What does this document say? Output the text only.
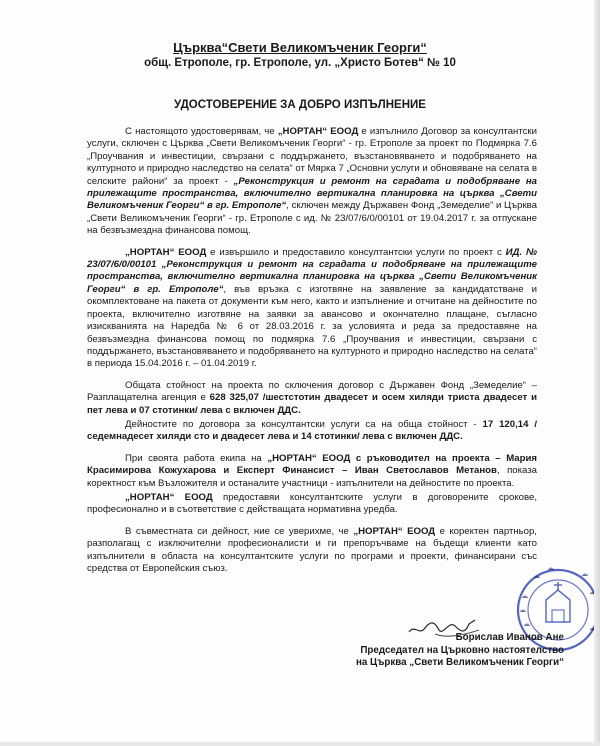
Църква“Свети Великомъченик Георги“
общ. Етрополе, гр. Етрополе, ул. „Христо Ботев“ № 10
УДОСТОВЕРЕНИЕ ЗА ДОБРО ИЗПЪЛНЕНИЕ

С настоящото удостоверявам, че „НОРТАН“ ЕООД е изпълнило Договор за консултантски услуги, сключен с Църква „Свети Великомъченик Георги“ - гр. Етрополе за проект по Подмярка 7.6 „Проучвания и инвестиции, свързани с поддържането, възстановяването и подобряването на културното и природно наследство на селата“ от Мярка 7 „Основни услуги и обновяване на селата в селските райони“ за проект - „Реконструкция и ремонт на сградата и подобряване на прилежащите пространства, включително вертикална планировка на църква „Свети Великомъченик Георги“ в гр. Етрополе“, сключен между Държавен Фонд „Земеделие“ и Църква „Свети Великомъченик Георги“ - гр. Етрополе с ид. № 23/07/6/0/00101 от 19.04.2017 г. за отпускане на безвъзмездна финансова помощ.

„НОРТАН“ ЕООД е извършило и предоставило консултантски услуги по проект с ИД. № 23/07/6/0/00101 „Реконструкция и ремонт на сградата и подобряване на прилежащите пространства, включително вертикална планировка на църква „Свети Великомъченик Георги“ в гр. Етрополе“, във връзка с изготвяне на заявление за кандидатстване и окомплектоване на пакета от документи към него, както и изпълнение и отчитане на дейностите по проекта, включително изготвяне на заявки за авансово и окончателно плащане, съгласно изискванията на Наредба № 6 от 28.03.2016 г. за условията и реда за предоставяне на безвъзмездна финансова помощ по подмярка 7.6 „Проучвания и инвестиции, свързани с поддържането, възстановяването и подобряването на културното и природно наследство на селата“ в периода 15.04.2016 г. – 01.04.2019 г.

Общата стойност на проекта по сключения договор с Държавен Фонд „Земеделие“ – Разплащателна агенция е 628 325,07 /шестстотин двадесет и осем хиляди триста двадесет и пет лева и 07 стотинки/ лева с включен ДДС.

Дейностите по договора за консултантски услуги са на обща стойност - 17 120,14 /седемнадесет хиляди сто и двадесет лева и 14 стотинки/ лева с включен ДДС.

При своята работа екипа на „НОРТАН“ ЕООД с ръководител на проекта – Мария Красимирова Кожухарова и Експерт Финансист – Иван Светославов Метанов, показа коректност към Възложителя и останалите участници - изпълнители на дейностите по проекта.

„НОРТАН“ ЕООД предоставяи консултантските услуги в договорените срокове, професионално и в съответствие с действащата нормативна уредба.

В съвместната си дейност, ние се уверихме, че „НОРТАН“ ЕООД е коректен партньор, разполагащ с изключителни професионалисти и ги препоръчваме на бъдещи клиенти като изпълнители в областа на консултантските услуги по програми и проекти, финансирани със средства от Европейския съюз.

Борислав Иванов Ане
Председател на Църковно настоятелство
на Църква „Свети Великомъченик Георги“
